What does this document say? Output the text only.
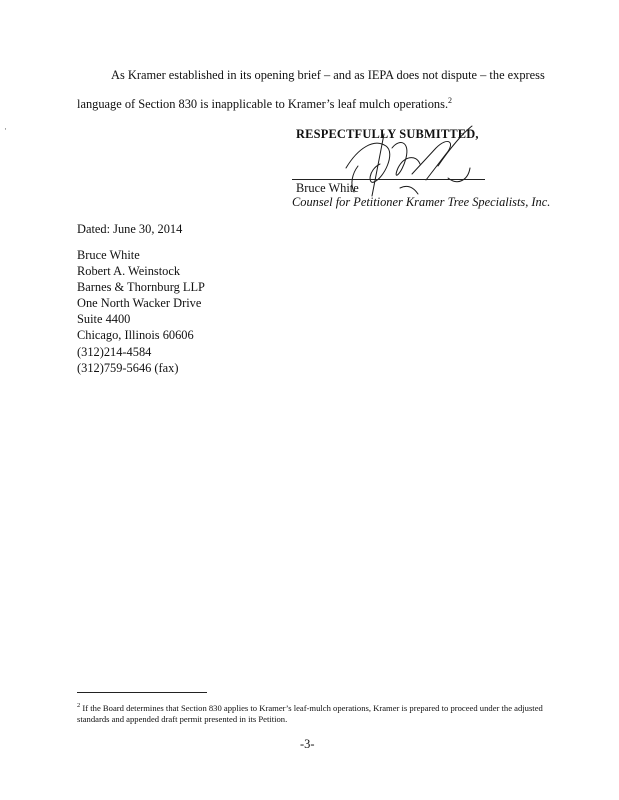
·
As Kramer established in its opening brief – and as IEPA does not dispute – the express
language of Section 830 is inapplicable to Kramer’s leaf mulch operations.$^2$
RESPECTFULLY SUBMITTED,
Bruce White
Counsel for Petitioner Kramer Tree Specialists, Inc.
Dated: June 30, 2014
Bruce White
Robert A. Weinstock
Barnes & Thornburg LLP
One North Wacker Drive
Suite 4400
Chicago, Illinois 60606
(312)214-4584
(312)759-5646 (fax)
$^2$ If the Board determines that Section 830 applies to Kramer’s leaf-mulch operations, Kramer is prepared to proceed under the adjusted standards and appended draft permit presented in its Petition.
-3-
